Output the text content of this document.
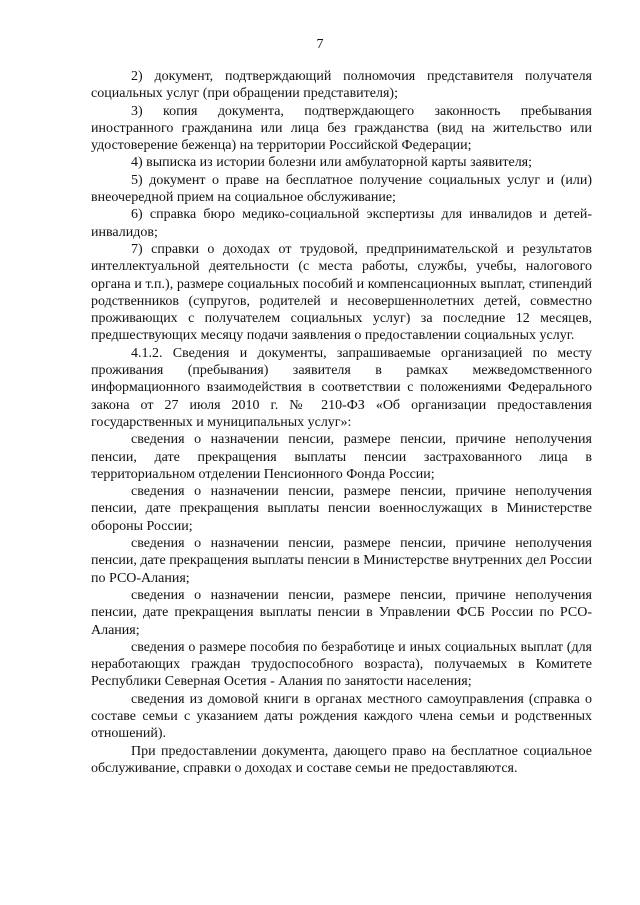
7

2) документ, подтверждающий полномочия представителя получателя социальных услуг (при обращении представителя);

3) копия документа, подтверждающего законность пребывания иностранного гражданина или лица без гражданства (вид на жительство или удостоверение беженца) на территории Российской Федерации;

4) выписка из истории болезни или амбулаторной карты заявителя;

5) документ о праве на бесплатное получение социальных услуг и (или) внеочередной прием на социальное обслуживание;

6) справка бюро медико-социальной экспертизы для инвалидов и детей-инвалидов;

7) справки о доходах от трудовой, предпринимательской и результатов интеллектуальной деятельности (с места работы, службы, учебы, налогового органа и т.п.), размере социальных пособий и компенсационных выплат, стипендий родственников (супругов, родителей и несовершеннолетних детей, совместно проживающих с получателем социальных услуг) за последние 12 месяцев, предшествующих месяцу подачи заявления о предоставлении социальных услуг.

4.1.2. Сведения и документы, запрашиваемые организацией по месту проживания (пребывания) заявителя в рамках межведомственного информационного взаимодействия в соответствии с положениями Федерального закона от 27 июля 2010 г. № 210-ФЗ «Об организации предоставления государственных и муниципальных услуг»:

сведения о назначении пенсии, размере пенсии, причине неполучения пенсии, дате прекращения выплаты пенсии застрахованного лица в территориальном отделении Пенсионного Фонда России;

сведения о назначении пенсии, размере пенсии, причине неполучения пенсии, дате прекращения выплаты пенсии военнослужащих в Министерстве обороны России;

сведения о назначении пенсии, размере пенсии, причине неполучения пенсии, дате прекращения выплаты пенсии в Министерстве внутренних дел России по РСО-Алания;

сведения о назначении пенсии, размере пенсии, причине неполучения пенсии, дате прекращения выплаты пенсии в Управлении ФСБ России по РСО-Алания;

сведения о размере пособия по безработице и иных социальных выплат (для неработающих граждан трудоспособного возраста), получаемых в Комитете Республики Северная Осетия - Алания по занятости населения;

сведения из домовой книги в органах местного самоуправления (справка о составе семьи с указанием даты рождения каждого члена семьи и родственных отношений).

При предоставлении документа, дающего право на бесплатное социальное обслуживание, справки о доходах и составе семьи не предоставляются.
